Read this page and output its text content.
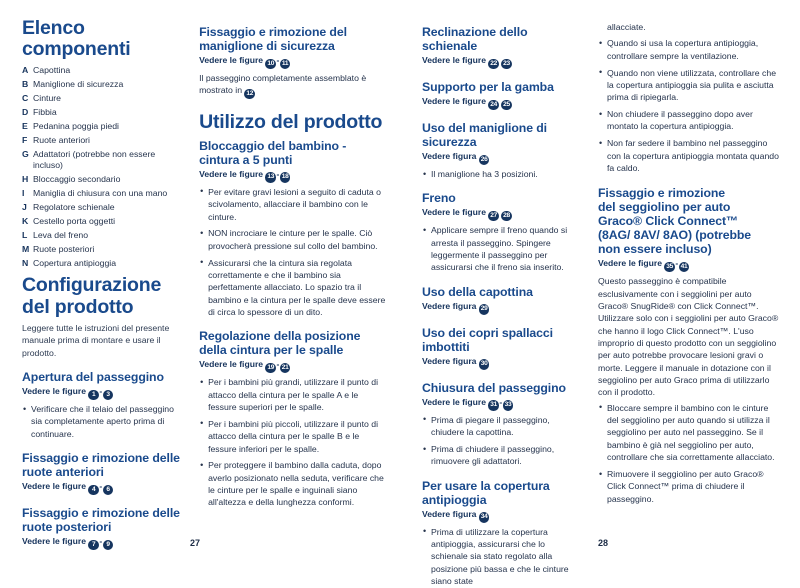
Elenco componenti
A Capottina
B Maniglione di sicurezza
C Cinture
D Fibbia
E Pedanina poggia piedi
F Ruote anteriori
G Adattatori (potrebbe non essere incluso)
H Bloccaggio secondario
I Maniglia di chiusura con una mano
J Regolatore schienale
K Cestello porta oggetti
L Leva del freno
M Ruote posteriori
N Copertura antipioggia
Configurazione del prodotto

Leggere tutte le istruzioni del presente manuale prima di montare e usare il prodotto.

Apertura del passeggino
Vedere le figure 1 - 3
• Verificare che il telaio del passeggino sia completamente aperto prima di continuare.
Fissaggio e rimozione delle ruote anteriori
Vedere le figure 4 - 6
Fissaggio e rimozione delle ruote posteriori
Vedere le figure 7 - 9
Fissaggio e rimozione del maniglione di sicurezza
Vedere le figure 10 - 11

Il passeggino completamente assemblato è mostrato in 12

Utilizzo del prodotto
Bloccaggio del bambino - cintura a 5 punti
Vedere le figure 13 - 18
• Per evitare gravi lesioni a seguito di caduta o scivolamento, allacciare il bambino con le cinture.
• NON incrociare le cinture per le spalle. Ciò provocherà pressione sul collo del bambino.
• Assicurarsi che la cintura sia regolata correttamente e che il bambino sia perfettamente allacciato. Lo spazio tra il bambino e la cintura per le spalle deve essere di circa lo spessore di un dito.
Regolazione della posizione della cintura per le spalle
Vedere le figure 19 - 21
• Per i bambini più grandi, utilizzare il punto di attacco della cintura per le spalle A e le fessure superiori per le spalle.
• Per i bambini più piccoli, utilizzare il punto di attacco della cintura per le spalle B e le fessure inferiori per le spalle.
• Per proteggere il bambino dalla caduta, dopo averlo posizionato nella seduta, verificare che le cinture per le spalle e inguinali siano all'altezza e della lunghezza conformi.
27
Reclinazione dello schienale
Vedere le figure 22 23
Supporto per la gamba
Vedere le figure 24 25
Uso del maniglione di sicurezza
Vedere figura 26
• Il maniglione ha 3 posizioni.
Freno
Vedere le figure 27 28
• Applicare sempre il freno quando si arresta il passeggino. Spingere leggermente il passeggino per assicurarsi che il freno sia inserito.
Uso della capottina
Vedere figura 29
Uso dei copri spallacci imbottiti
Vedere figura 30
Chiusura del passeggino
Vedere le figure 31 - 33
• Prima di piegare il passeggino, chiudere la capottina.
• Prima di chiudere il passeggino, rimuovere gli adattatori.
Per usare la copertura antipioggia
Vedere figura 34
• Prima di utilizzare la copertura antipioggia, assicurarsi che lo schienale sia stato regolato alla posizione più bassa e che le cinture siano state

allacciate.

• Quando si usa la copertura antipioggia, controllare sempre la ventilazione.
• Quando non viene utilizzata, controllare che la copertura antipioggia sia pulita e asciutta prima di ripiegarla.
• Non chiudere il passeggino dopo aver montato la copertura antipioggia.
• Non far sedere il bambino nel passeggino con la copertura antipioggia montata quando fa caldo.
Fissaggio e rimozione
del seggiolino per auto
Graco® Click Connect™
(8AG/ 8AV/ 8AO) (potrebbe
non essere incluso)
Vedere le figure 35 - 41

Questo passeggino è compatibile esclusivamente con i seggiolini per auto Graco® SnugRide® con Click Connect™. Utilizzare solo con i seggiolini per auto Graco® che hanno il logo Click Connect™. L'uso improprio di questo prodotto con un seggiolino per auto potrebbe provocare lesioni gravi o morte. Leggere il manuale in dotazione con il seggiolino per auto Graco prima di utilizzarlo con il prodotto.

• Bloccare sempre il bambino con le cinture del seggiolino per auto quando si utilizza il seggiolino per auto nel passeggino. Se il bambino è già nel seggiolino per auto, controllare che sia correttamente allacciato.
• Rimuovere il seggiolino per auto Graco® Click Connect™ prima di chiudere il passeggino.
28
